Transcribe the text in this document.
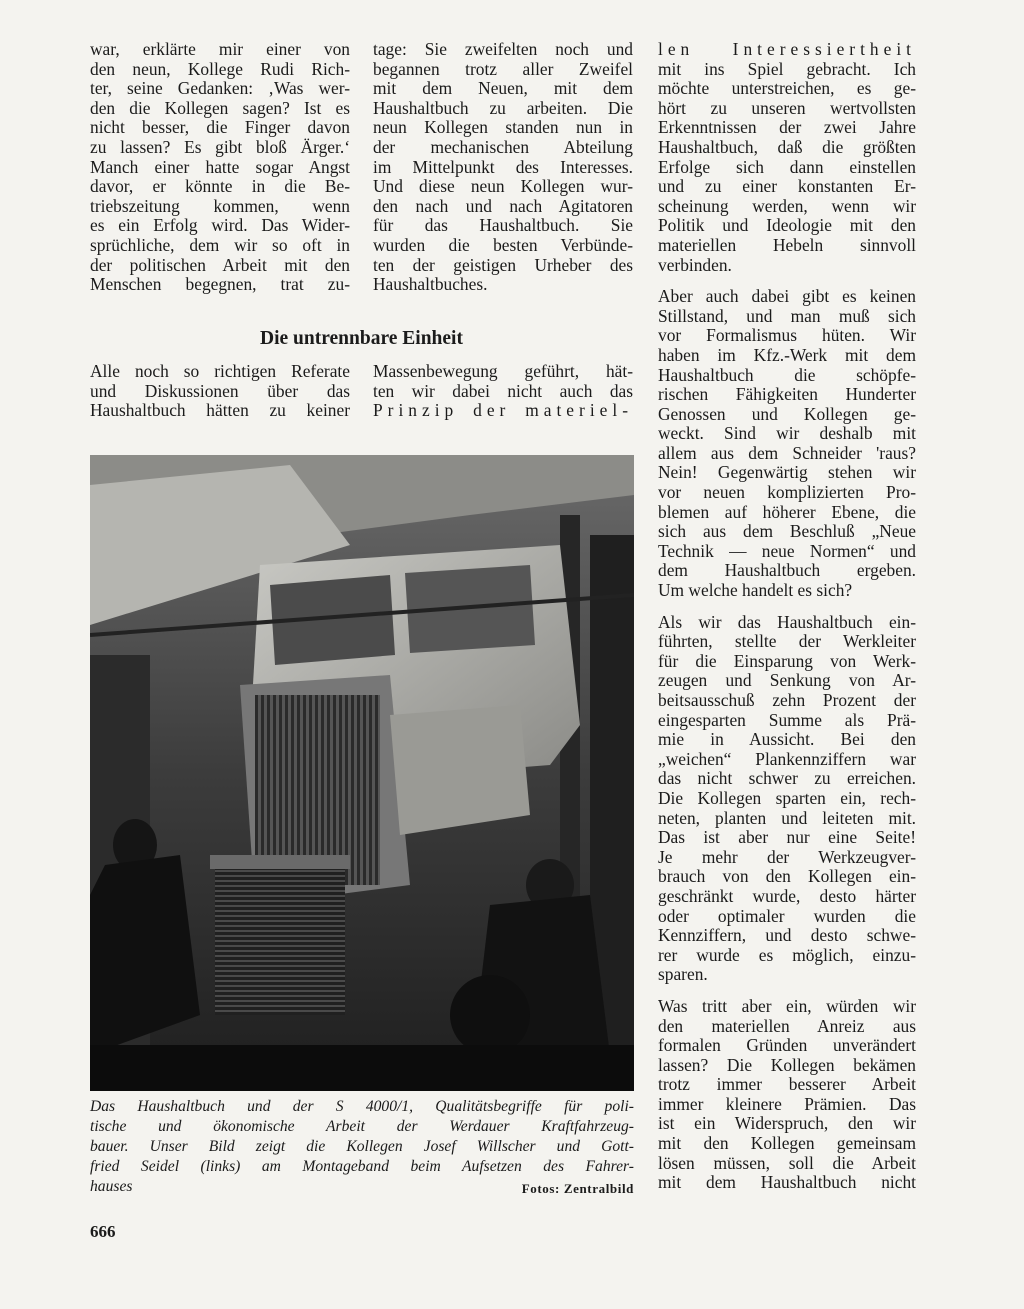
war, erklärte mir einer von
den neun, Kollege Rudi Rich-
ter, seine Gedanken: ‚Was wer-
den die Kollegen sagen? Ist es
nicht besser, die Finger davon
zu lassen? Es gibt bloß Ärger.‘
Manch einer hatte sogar Angst
davor, er könnte in die Be-
triebszeitung kommen, wenn
es ein Erfolg wird. Das Wider-
sprüchliche, dem wir so oft in
der politischen Arbeit mit den
Menschen begegnen, trat zu-
tage: Sie zweifelten noch und
begannen trotz aller Zweifel
mit dem Neuen, mit dem
Haushaltbuch zu arbeiten. Die
neun Kollegen standen nun in
der mechanischen Abteilung
im Mittelpunkt des Interesses.
Und diese neun Kollegen wur-
den nach und nach Agitatoren
für das Haushaltbuch. Sie
wurden die besten Verbünde-
ten der geistigen Urheber des
Haushaltbuches.
Die untrennbare Einheit
Alle noch so richtigen Referate
und Diskussionen über das
Haushaltbuch hätten zu keiner
Massenbewegung geführt, hät-
ten wir dabei nicht auch das
Prinzip der materiel-

len Interessiertheit
mit ins Spiel gebracht. Ich
möchte unterstreichen, es ge-
hört zu unseren wertvollsten
Erkenntnissen der zwei Jahre
Haushaltbuch, daß die größten
Erfolge sich dann einstellen
und zu einer konstanten Er-
scheinung werden, wenn wir
Politik und Ideologie mit den
materiellen Hebeln sinnvoll
verbinden.

Aber auch dabei gibt es keinen
Stillstand, und man muß sich
vor Formalismus hüten. Wir
haben im Kfz.-Werk mit dem
Haushaltbuch die schöpfe-
rischen Fähigkeiten Hunderter
Genossen und Kollegen ge-
weckt. Sind wir deshalb mit
allem aus dem Schneider 'raus?
Nein! Gegenwärtig stehen wir
vor neuen komplizierten Pro-
blemen auf höherer Ebene, die
sich aus dem Beschluß „Neue
Technik — neue Normen“ und
dem Haushaltbuch ergeben.
Um welche handelt es sich?

Als wir das Haushaltbuch ein-
führten, stellte der Werkleiter
für die Einsparung von Werk-
zeugen und Senkung von Ar-
beitsausschuß zehn Prozent der
eingesparten Summe als Prä-
mie in Aussicht. Bei den
„weichen“ Plankennziffern war
das nicht schwer zu erreichen.
Die Kollegen sparten ein, rech-
neten, planten und leiteten mit.
Das ist aber nur eine Seite!
Je mehr der Werkzeugver-
brauch von den Kollegen ein-
geschränkt wurde, desto härter
oder optimaler wurden die
Kennziffern, und desto schwe-
rer wurde es möglich, einzu-
sparen.

Was tritt aber ein, würden wir
den materiellen Anreiz aus
formalen Gründen unverändert
lassen? Die Kollegen bekämen
trotz immer besserer Arbeit
immer kleinere Prämien. Das
ist ein Widerspruch, den wir
mit den Kollegen gemeinsam
lösen müssen, soll die Arbeit
mit dem Haushaltbuch nicht

Das Haushaltbuch und der S 4000/1, Qualitätsbegriffe für poli-
tische und ökonomische Arbeit der Werdauer Kraftfahrzeug-
bauer. Unser Bild zeigt die Kollegen Josef Willscher und Gott-
fried Seidel (links) am Montageband beim Aufsetzen des Fahrer-
hauses	Fotos: Zentralbild
666
